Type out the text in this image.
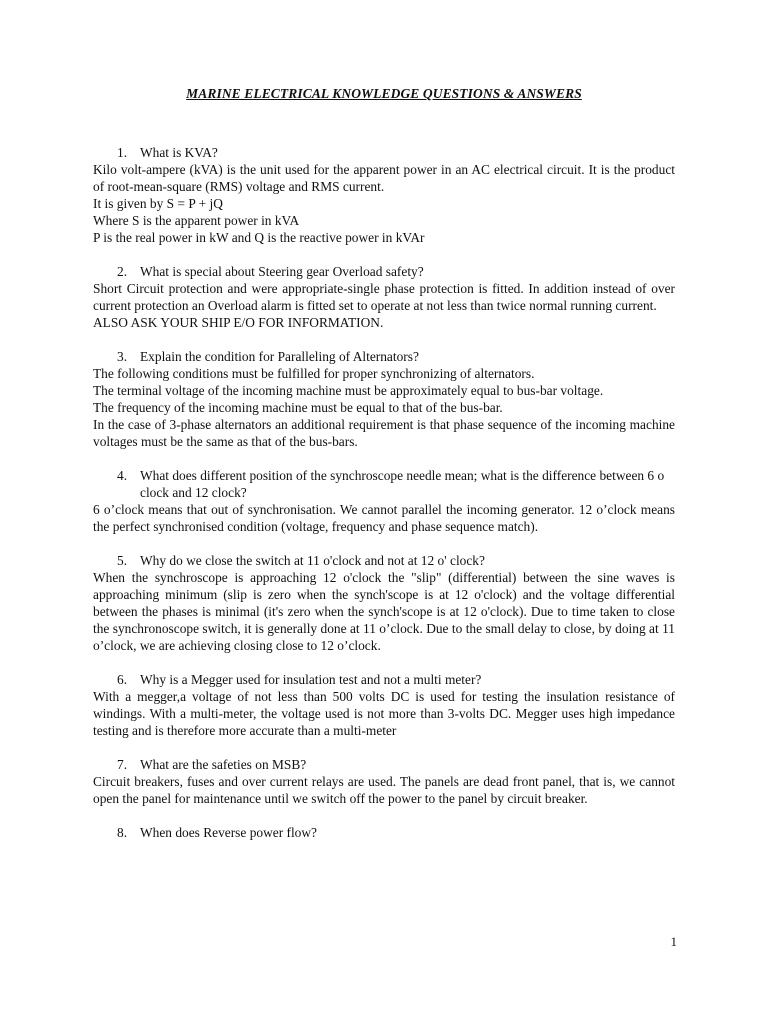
MARINE ELECTRICAL KNOWLEDGE QUESTIONS & ANSWERS
1. What is KVA?

Kilo volt-ampere (kVA) is the unit used for the apparent power in an AC electrical circuit. It is the product of root-mean-square (RMS) voltage and RMS current.

It is given by S = P + jQ

Where S is the apparent power in kVA

P is the real power in kW and Q is the reactive power in kVAr

2. What is special about Steering gear Overload safety?

Short Circuit protection and were appropriate-single phase protection is fitted. In addition instead of over current protection an Overload alarm is fitted set to operate at not less than twice normal running current.

ALSO ASK YOUR SHIP E/O FOR INFORMATION.

3. Explain the condition for Paralleling of Alternators?

The following conditions must be fulfilled for proper synchronizing of alternators.

The terminal voltage of the incoming machine must be approximately equal to bus-bar voltage.

The frequency of the incoming machine must be equal to that of the bus-bar.

In the case of 3-phase alternators an additional requirement is that phase sequence of the incoming machine voltages must be the same as that of the bus-bars.

4. What does different position of the synchroscope needle mean; what is the difference between 6 o clock and 12 clock?

6 o’clock means that out of synchronisation. We cannot parallel the incoming generator. 12 o’clock means the perfect synchronised condition (voltage, frequency and phase sequence match).

5. Why do we close the switch at 11 o'clock and not at 12 o' clock?

When the synchroscope is approaching 12 o'clock the "slip" (differential) between the sine waves is approaching minimum (slip is zero when the synch'scope is at 12 o'clock) and the voltage differential between the phases is minimal (it's zero when the synch'scope is at 12 o'clock). Due to time taken to close the synchronoscope switch, it is generally done at 11 o’clock. Due to the small delay to close, by doing at 11 o’clock, we are achieving closing close to 12 o’clock.

6. Why is a Megger used for insulation test and not a multi meter?

With a megger,a voltage of not less than 500 volts DC is used for testing the insulation resistance of windings. With a multi-meter, the voltage used is not more than 3-volts DC. Megger uses high impedance testing and is therefore more accurate than a multi-meter

7. What are the safeties on MSB?

Circuit breakers, fuses and over current relays are used. The panels are dead front panel, that is, we cannot open the panel for maintenance until we switch off the power to the panel by circuit breaker.

8. When does Reverse power flow?
1
